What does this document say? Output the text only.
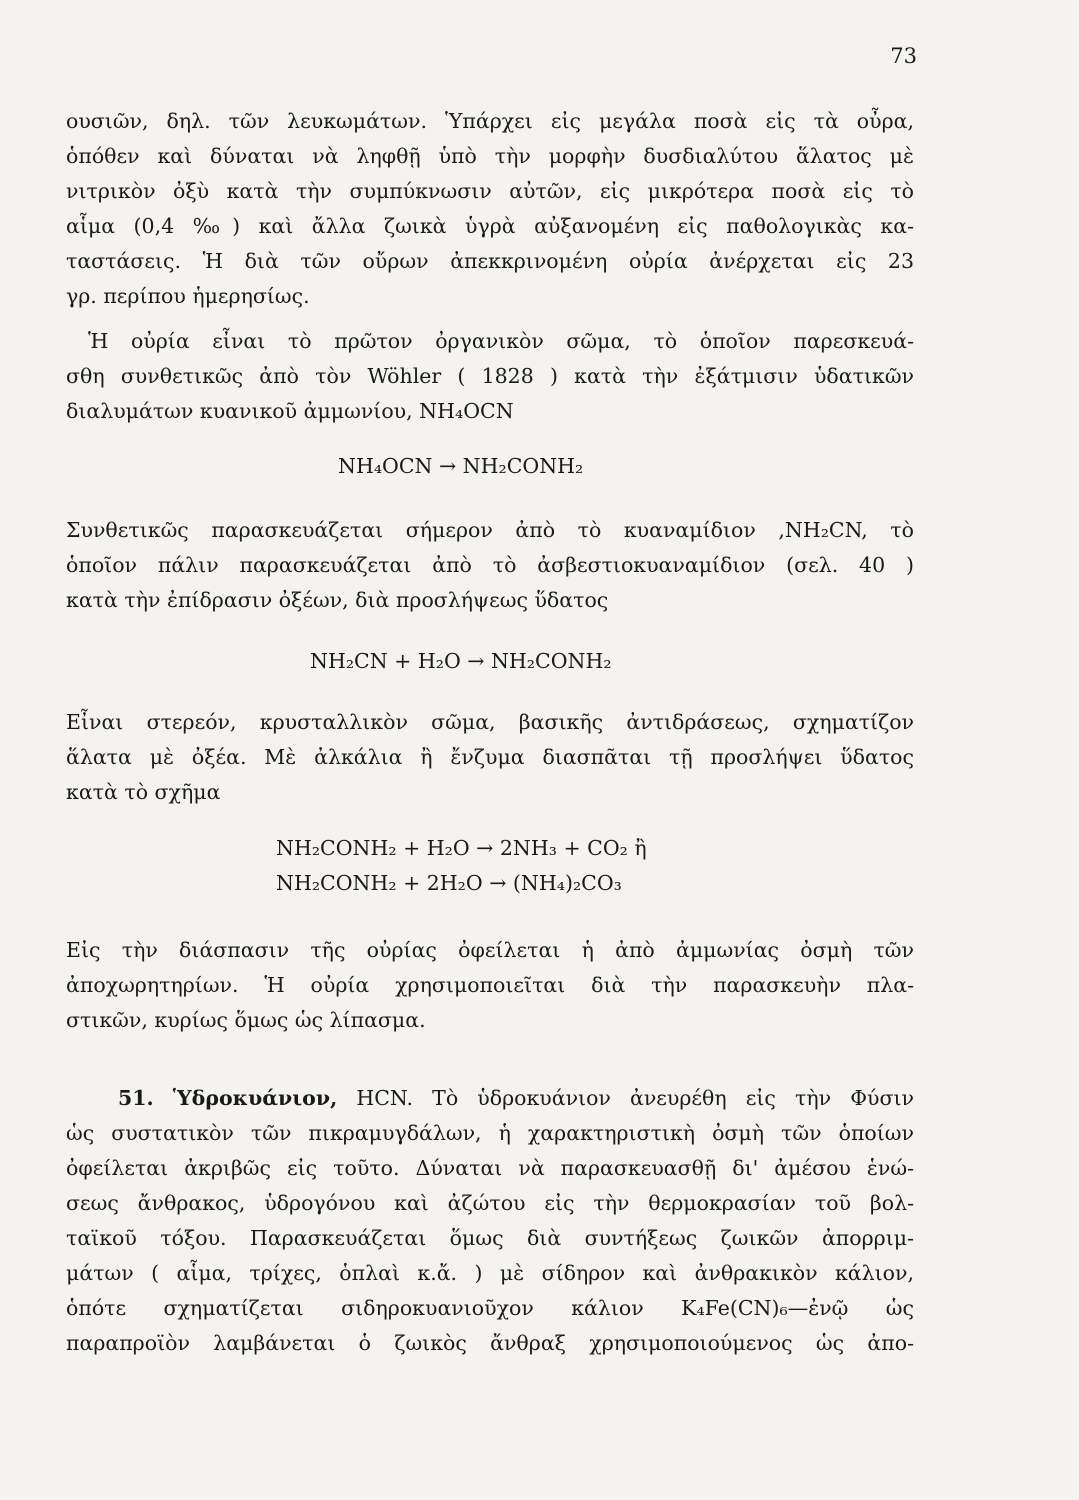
73
ουσιῶν, δηλ. τῶν λευκωμάτων. Ὑπάρχει εἰς μεγάλα ποσὰ εἰς τὰ οὖρα,
ὁπόθεν καὶ δύναται νὰ ληφθῇ ὑπὸ τὴν μορφὴν δυσδιαλύτου ἅλατος μὲ
νιτρικὸν ὀξὺ κατὰ τὴν συμπύκνωσιν αὐτῶν, εἰς μικρότερα ποσὰ εἰς τὸ
αἷμα (0,4 ‰) καὶ ἄλλα ζωικὰ ὑγρὰ αὐξανομένη εἰς παθολογικὰς κα-
ταστάσεις. Ἡ διὰ τῶν οὔρων ἀπεκκρινομένη οὐρία ἀνέρχεται εἰς 23
γρ. περίπου ἡμερησίως.
Ἡ οὐρία εἶναι τὸ πρῶτον ὀργανικὸν σῶμα, τὸ ὁποῖον παρεσκευά-
σθη συνθετικῶς ἀπὸ τὸν Wöhler ( 1828 ) κατὰ τὴν ἐξάτμισιν ὑδατικῶν
διαλυμάτων κυανικοῦ ἀμμωνίου, NH₄OCN
NH₄OCN → NH₂CONH₂
Συνθετικῶς παρασκευάζεται σήμερον ἀπὸ τὸ κυαναμίδιον ,NH₂CN, τὸ
ὁποῖον πάλιν παρασκευάζεται ἀπὸ τὸ ἀσβεστιοκυαναμίδιον (σελ. 40 )
κατὰ τὴν ἐπίδρασιν ὀξέων, διὰ προσλήψεως ὕδατος
NH₂CN + H₂O → NH₂CONH₂
Εἶναι στερεόν, κρυσταλλικὸν σῶμα, βασικῆς ἀντιδράσεως, σχηματίζον
ἅλατα μὲ ὀξέα. Μὲ ἀλκάλια ἢ ἔνζυμα διασπᾶται τῇ προσλήψει ὕδατος
κατὰ τὸ σχῆμα
NH₂CONH₂ + H₂O → 2NH₃ + CO₂ ἢ
NH₂CONH₂ + 2H₂O → (NH₄)₂CO₃
Εἰς τὴν διάσπασιν τῆς οὐρίας ὀφείλεται ἡ ἀπὸ ἀμμωνίας ὀσμὴ τῶν
ἀποχωρητηρίων. Ἡ οὐρία χρησιμοποιεῖται διὰ τὴν παρασκευὴν πλα-
στικῶν, κυρίως ὅμως ὡς λίπασμα.
51. Ὑδροκυάνιον, HCN. Τὸ ὑδροκυάνιον ἀνευρέθη εἰς τὴν Φύσιν
ὡς συστατικὸν τῶν πικραμυγδάλων, ἡ χαρακτηριστικὴ ὀσμὴ τῶν ὁποίων
ὀφείλεται ἀκριβῶς εἰς τοῦτο. Δύναται νὰ παρασκευασθῇ δι' ἀμέσου ἑνώ-
σεως ἄνθρακος, ὑδρογόνου καὶ ἀζώτου εἰς τὴν θερμοκρασίαν τοῦ βολ-
ταϊκοῦ τόξου. Παρασκευάζεται ὅμως διὰ συντήξεως ζωικῶν ἀπορριμ-
μάτων ( αἷμα, τρίχες, ὁπλαὶ κ.ἄ. ) μὲ σίδηρον καὶ ἀνθρακικὸν κάλιον,
ὁπότε σχηματίζεται σιδηροκυανιοῦχον κάλιον K₄Fe(CN)₆—ἐνῷ ὡς
παραπροϊὸν λαμβάνεται ὁ ζωικὸς ἄνθραξ χρησιμοποιούμενος ὡς ἀπο-
